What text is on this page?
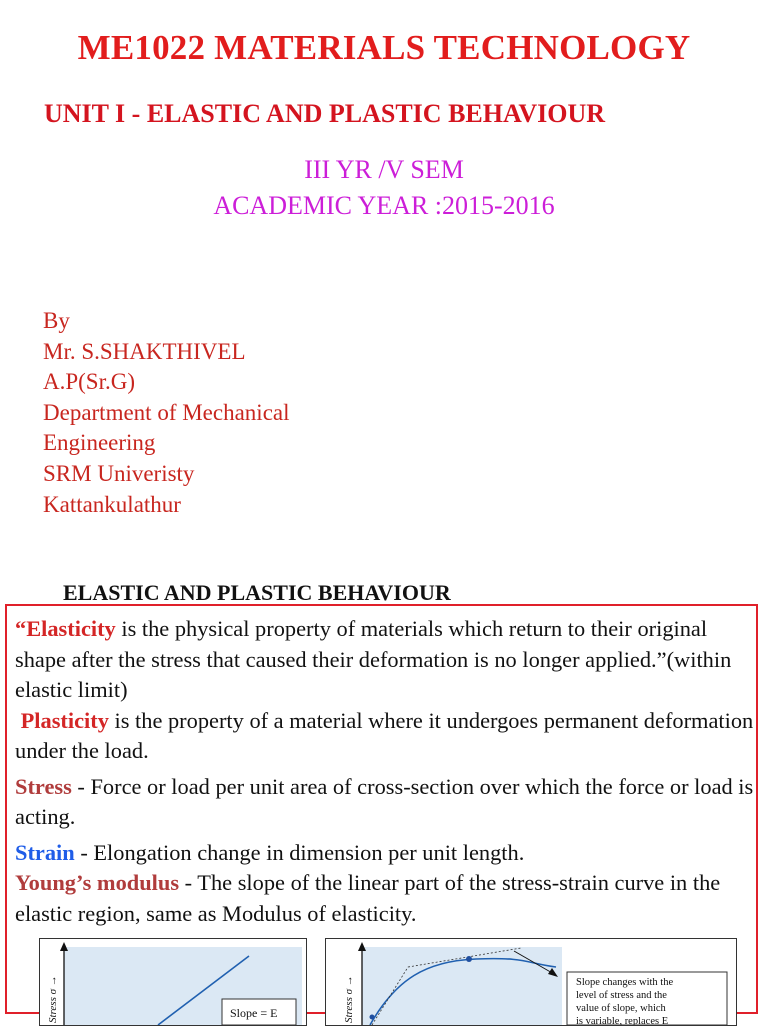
ME1022 MATERIALS TECHNOLOGY
UNIT I - ELASTIC AND PLASTIC BEHAVIOUR
III YR /V SEM
ACADEMIC YEAR :2015-2016
By
Mr. S.SHAKTHIVEL
A.P(Sr.G)
Department of Mechanical
Engineering
SRM Univeristy
Kattankulathur
ELASTIC AND PLASTIC BEHAVIOUR

“Elasticity is the physical property of materials which return to their original shape after the stress that caused their deformation is no longer applied.”(within elastic limit)

Plasticity is the property of a material where it undergoes permanent deformation under the load.

Stress - Force or load per unit area of cross-section over which the force or load is acting.

Strain - Elongation change in dimension per unit length.

Young’s modulus - The slope of the linear part of the stress-strain curve in the elastic region, same as Modulus of elasticity.

Slope = E
Stress σ →	Slope changes with the
level of stress and the
value of slope, which
is variable, replaces E
Stress σ →
